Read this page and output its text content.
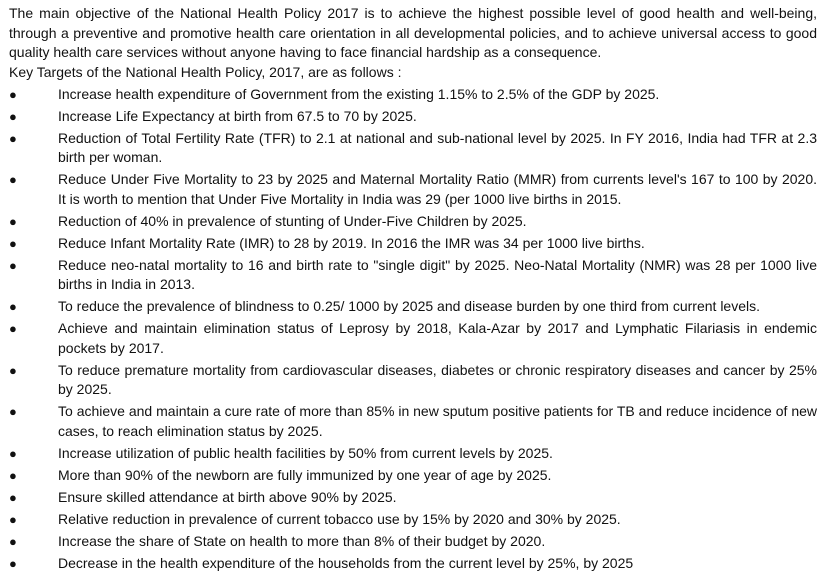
The main objective of the National Health Policy 2017 is to achieve the highest possible level of good health and well-being, through a preventive and promotive health care orientation in all developmental policies, and to achieve universal access to good quality health care services without anyone having to face financial hardship as a consequence.

Key Targets of the National Health Policy, 2017, are as follows :

●	Increase health expenditure of Government from the existing 1.15% to 2.5% of the GDP by 2025.
●	Increase Life Expectancy at birth from 67.5 to 70 by 2025.
●	Reduction of Total Fertility Rate (TFR) to 2.1 at national and sub-national level by 2025. In FY 2016, India had TFR at 2.3 birth per woman.
●	Reduce Under Five Mortality to 23 by 2025 and Maternal Mortality Ratio (MMR) from currents level's 167 to 100 by 2020. It is worth to mention that Under Five Mortality in India was 29 (per 1000 live births in 2015.
●	Reduction of 40% in prevalence of stunting of Under-Five Children by 2025.
●	Reduce Infant Mortality Rate (IMR) to 28 by 2019. In 2016 the IMR was 34 per 1000 live births.
●	Reduce neo-natal mortality to 16 and birth rate to "single digit" by 2025. Neo-Natal Mortality (NMR) was 28 per 1000 live births in India in 2013.
●	To reduce the prevalence of blindness to 0.25/ 1000 by 2025 and disease burden by one third from current levels.
●	Achieve and maintain elimination status of Leprosy by 2018, Kala-Azar by 2017 and Lymphatic Filariasis in endemic pockets by 2017.
●	To reduce premature mortality from cardiovascular diseases, diabetes or chronic respiratory diseases and cancer by 25% by 2025.
●	To achieve and maintain a cure rate of more than 85% in new sputum positive patients for TB and reduce incidence of new cases, to reach elimination status by 2025.
●	Increase utilization of public health facilities by 50% from current levels by 2025.
●	More than 90% of the newborn are fully immunized by one year of age by 2025.
●	Ensure skilled attendance at birth above 90% by 2025.
●	Relative reduction in prevalence of current tobacco use by 15% by 2020 and 30% by 2025.
●	Increase the share of State on health to more than 8% of their budget by 2020.
●	Decrease in the health expenditure of the households from the current level by 25%, by 2025
